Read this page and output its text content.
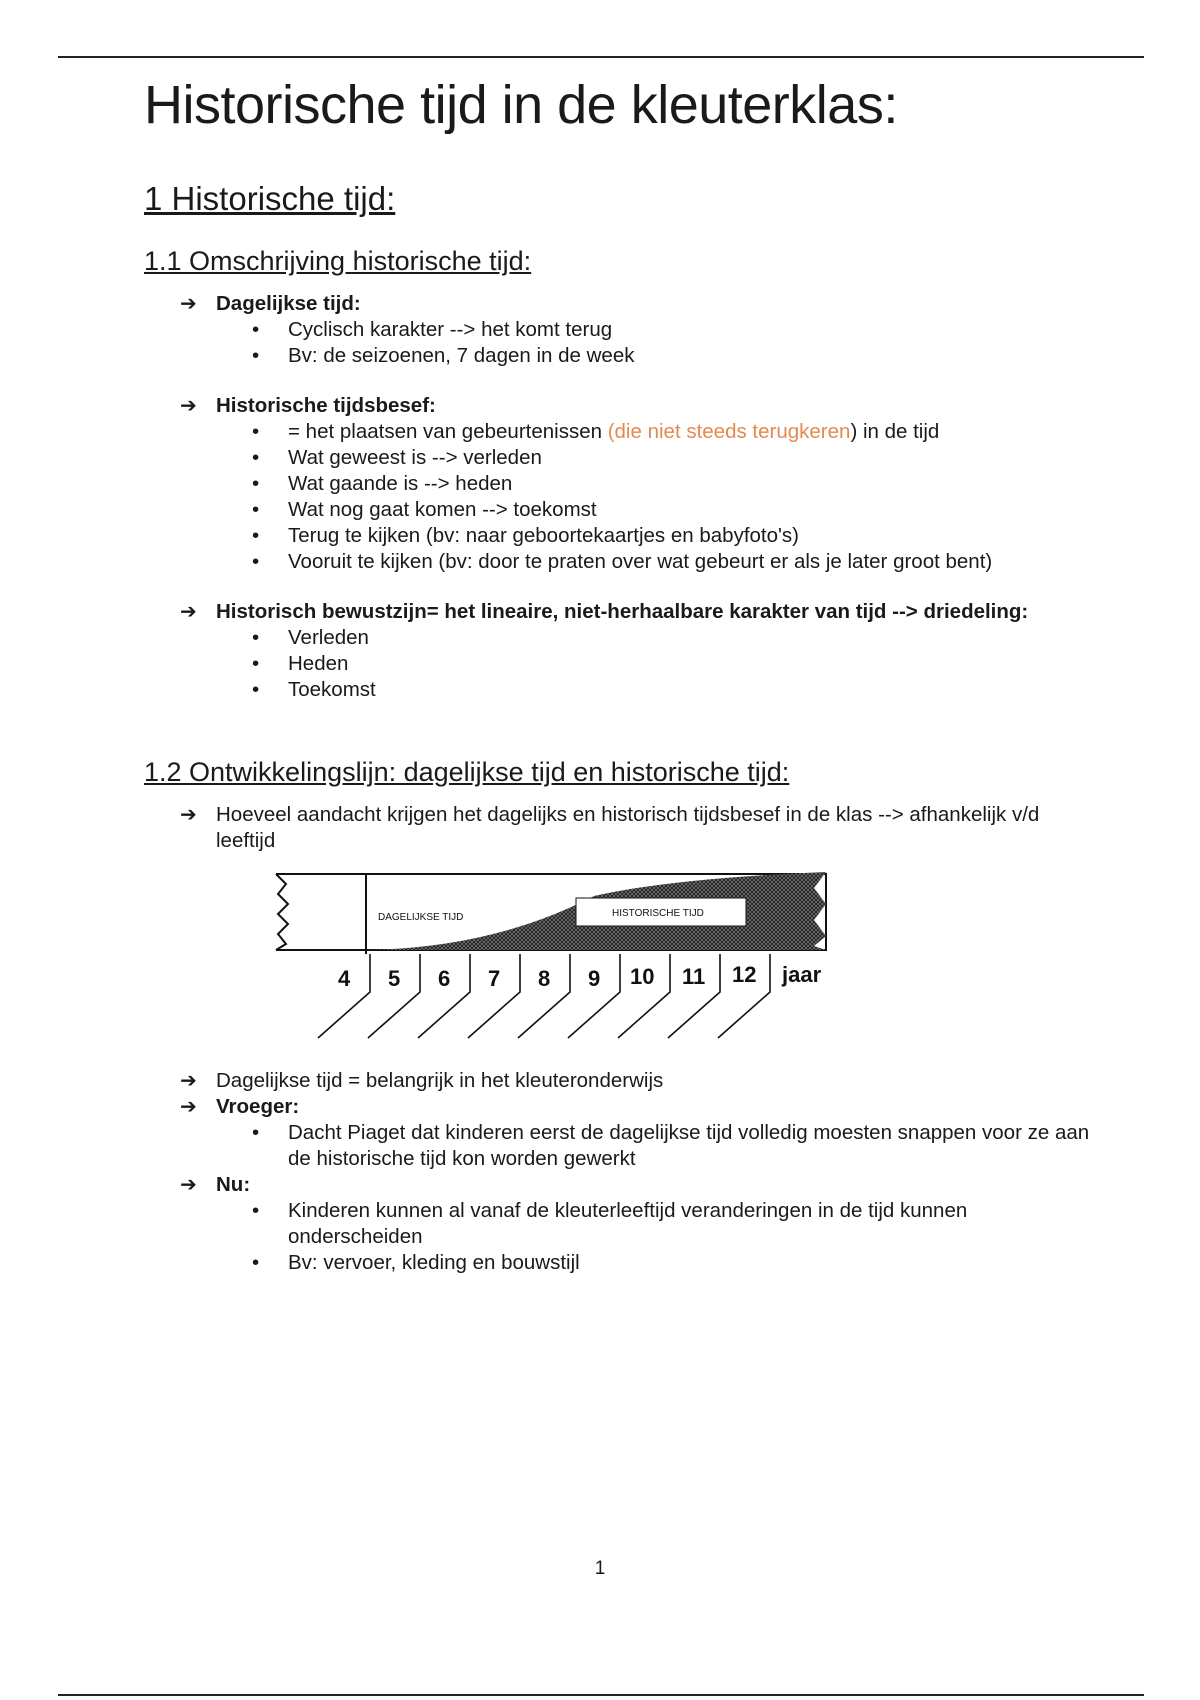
Historische tijd in de kleuterklas:
1 Historische tijd:
1.1 Omschrijving historische tijd:
➔ Dagelijkse tijd:
• Cyclisch karakter --> het komt terug
• Bv: de seizoenen, 7 dagen in de week
➔ Historische tijdsbesef:
• = het plaatsen van gebeurtenissen (die niet steeds terugkeren) in de tijd
• Wat geweest is --> verleden
• Wat gaande is --> heden
• Wat nog gaat komen --> toekomst
• Terug te kijken (bv: naar geboortekaartjes en babyfoto's)
• Vooruit te kijken (bv: door te praten over wat gebeurt er als je later groot bent)
➔ Historisch bewustzijn= het lineaire, niet-herhaalbare karakter van tijd --> driedeling:
• Verleden
• Heden
• Toekomst
1.2 Ontwikkelingslijn: dagelijkse tijd en historische tijd:
➔ Hoeveel aandacht krijgen het dagelijks en historisch tijdsbesef in de klas --> afhankelijk v/d leeftijd
DAGELIJKSE TIJD	HISTORISCHE TIJD
4 5 6 7 8 9 10 11 12 jaar
➔ Dagelijkse tijd = belangrijk in het kleuteronderwijs
➔ Vroeger:
• Dacht Piaget dat kinderen eerst de dagelijkse tijd volledig moesten snappen voor ze aan de historische tijd kon worden gewerkt
➔ Nu:
• Kinderen kunnen al vanaf de kleuterleeftijd veranderingen in de tijd kunnen onderscheiden
• Bv: vervoer, kleding en bouwstijl
1
